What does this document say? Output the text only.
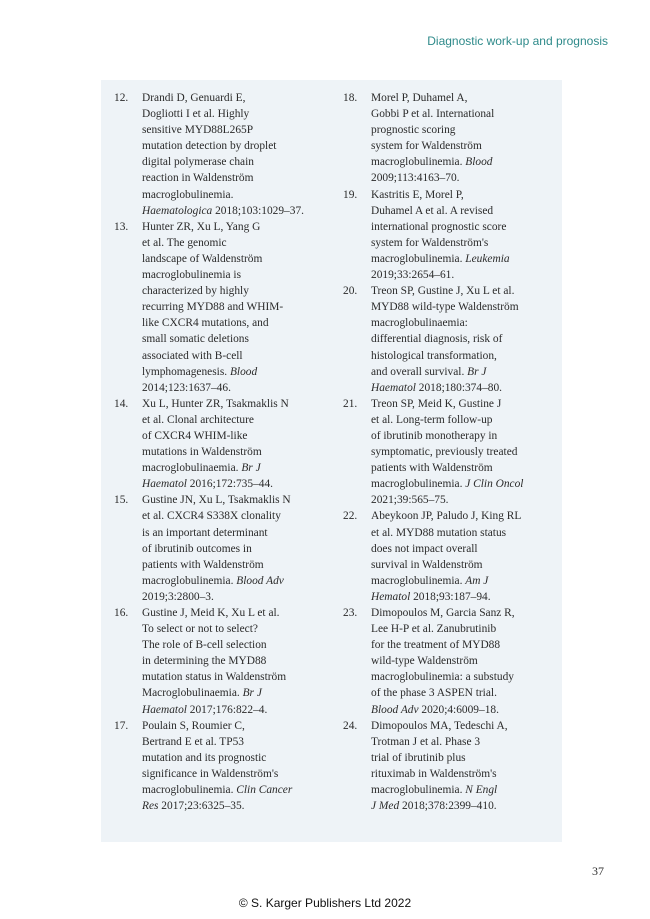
Diagnostic work-up and prognosis
12.	Drandi D, Genuardi E,
Dogliotti I et al. Highly
sensitive MYD88L265P
mutation detection by droplet
digital polymerase chain
reaction in Waldenström
macroglobulinemia.
Haematologica 2018;103:1029–37.
13.	Hunter ZR, Xu L, Yang G
et al. The genomic
landscape of Waldenström
macroglobulinemia is
characterized by highly
recurring MYD88 and WHIM-
like CXCR4 mutations, and
small somatic deletions
associated with B-cell
lymphomagenesis. Blood
2014;123:1637–46.
14.	Xu L, Hunter ZR, Tsakmaklis N
et al. Clonal architecture
of CXCR4 WHIM-like
mutations in Waldenström
macroglobulinaemia. Br J
Haematol 2016;172:735–44.
15.	Gustine JN, Xu L, Tsakmaklis N
et al. CXCR4 S338X clonality
is an important determinant
of ibrutinib outcomes in
patients with Waldenström
macroglobulinemia. Blood Adv
2019;3:2800–3.
16.	Gustine J, Meid K, Xu L et al.
To select or not to select?
The role of B-cell selection
in determining the MYD88
mutation status in Waldenström
Macroglobulinaemia. Br J
Haematol 2017;176:822–4.
17.	Poulain S, Roumier C,
Bertrand E et al. TP53
mutation and its prognostic
significance in Waldenström's
macroglobulinemia. Clin Cancer
Res 2017;23:6325–35.
18.	Morel P, Duhamel A,
Gobbi P et al. International
prognostic scoring
system for Waldenström
macroglobulinemia. Blood
2009;113:4163–70.
19.	Kastritis E, Morel P,
Duhamel A et al. A revised
international prognostic score
system for Waldenström's
macroglobulinemia. Leukemia
2019;33:2654–61.
20.	Treon SP, Gustine J, Xu L et al.
MYD88 wild-type Waldenström
macroglobulinaemia:
differential diagnosis, risk of
histological transformation,
and overall survival. Br J
Haematol 2018;180:374–80.
21.	Treon SP, Meid K, Gustine J
et al. Long-term follow-up
of ibrutinib monotherapy in
symptomatic, previously treated
patients with Waldenström
macroglobulinemia. J Clin Oncol
2021;39:565–75.
22.	Abeykoon JP, Paludo J, King RL
et al. MYD88 mutation status
does not impact overall
survival in Waldenström
macroglobulinemia. Am J
Hematol 2018;93:187–94.
23.	Dimopoulos M, Garcia Sanz R,
Lee H-P et al. Zanubrutinib
for the treatment of MYD88
wild-type Waldenström
macroglobulinemia: a substudy
of the phase 3 ASPEN trial.
Blood Adv 2020;4:6009–18.
24.	Dimopoulos MA, Tedeschi A,
Trotman J et al. Phase 3
trial of ibrutinib plus
rituximab in Waldenström's
macroglobulinemia. N Engl
J Med 2018;378:2399–410.
37
© S. Karger Publishers Ltd 2022
